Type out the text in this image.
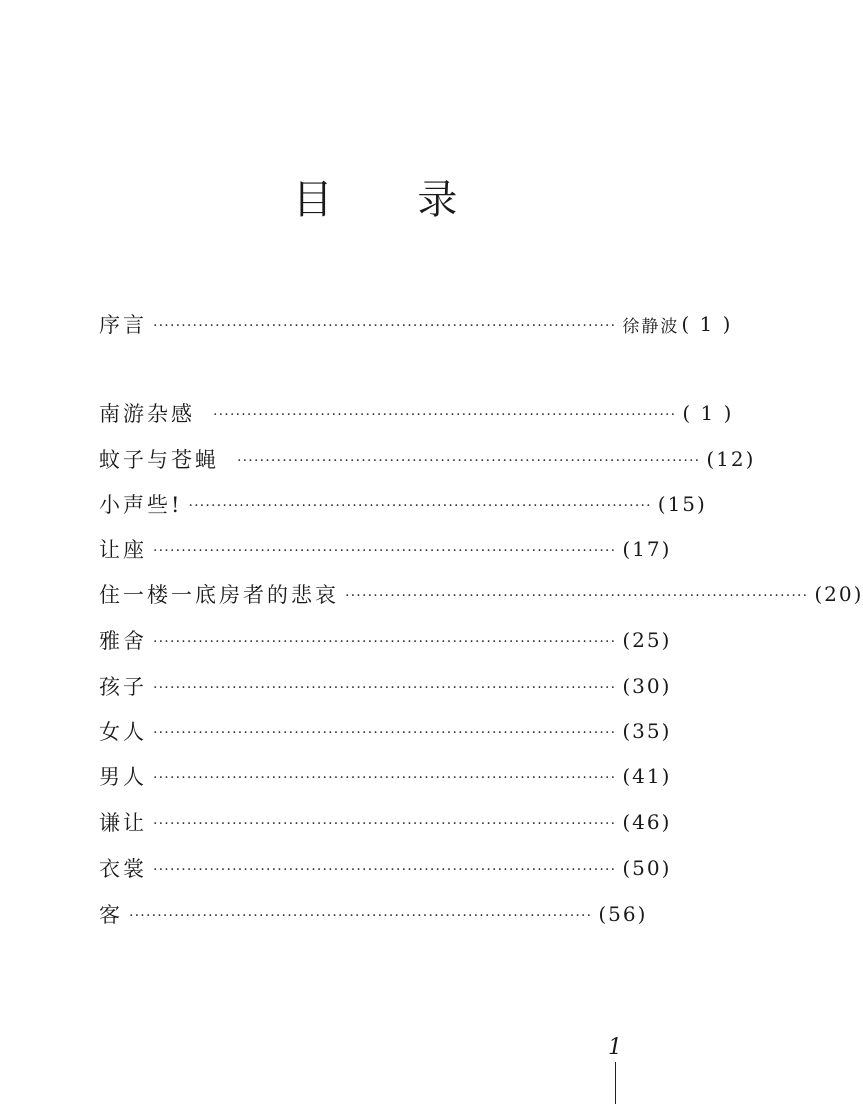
目 录
序言 ·················································································· 徐静波 ( 1 )
南游杂感 ·················································································· ( 1 )
蚊子与苍蝇 ·················································································· (12)
小声些! ·················································································· (15)
让座 ·················································································· (17)
住一楼一底房者的悲哀 ·················································································· (20)
雅舍 ·················································································· (25)
孩子 ·················································································· (30)
女人 ·················································································· (35)
男人 ·················································································· (41)
谦让 ·················································································· (46)
衣裳 ·················································································· (50)
客 ·················································································· (56)
1
